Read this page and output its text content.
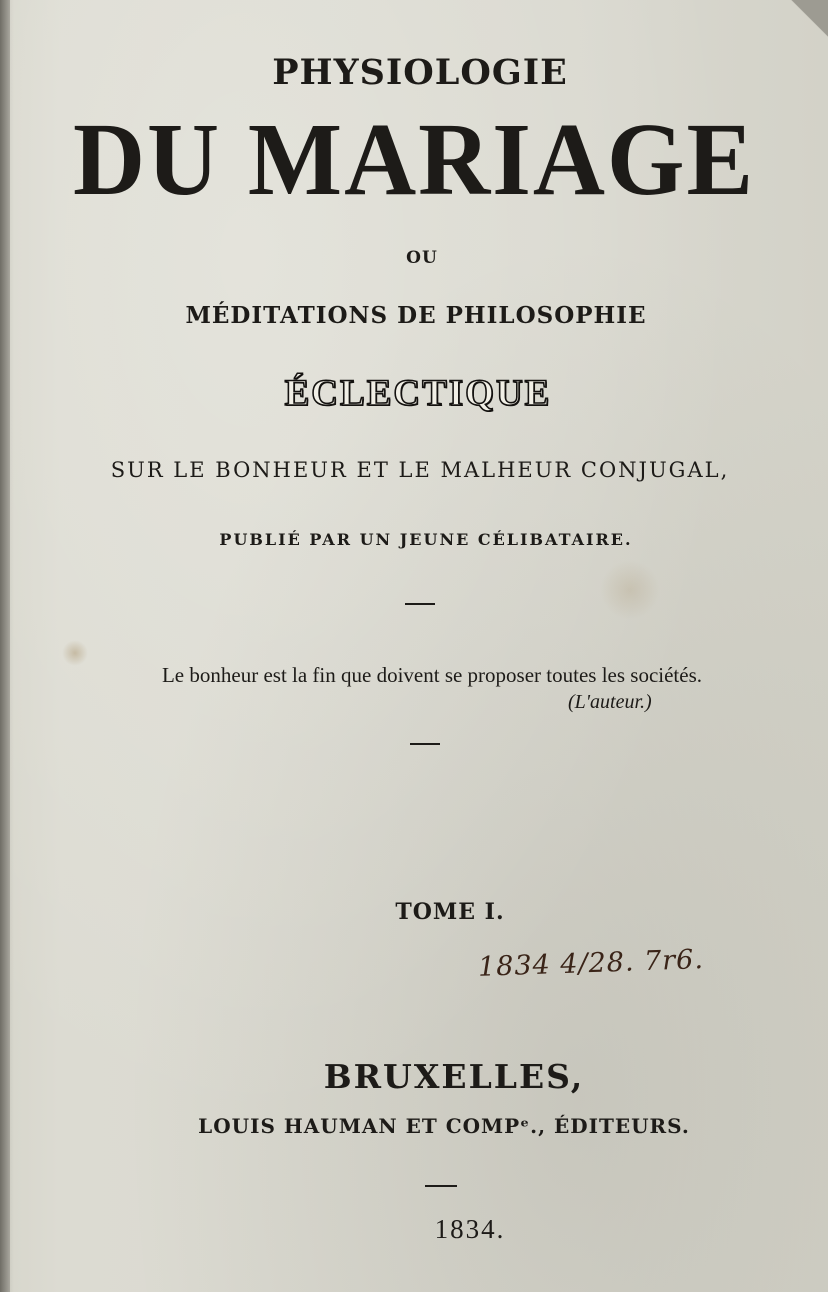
PHYSIOLOGIE
DU MARIAGE
OU
MÉDITATIONS DE PHILOSOPHIE
ÉCLECTIQUE
SUR LE BONHEUR ET LE MALHEUR CONJUGAL,
PUBLIÉ PAR UN JEUNE CÉLIBATAIRE.
Le bonheur est la fin que doivent se proposer toutes les sociétés.
(L'auteur.)
TOME I.
1834 4/28. 7r6.
BRUXELLES,
LOUIS HAUMAN ET COMPᵉ., ÉDITEURS.
1834.
